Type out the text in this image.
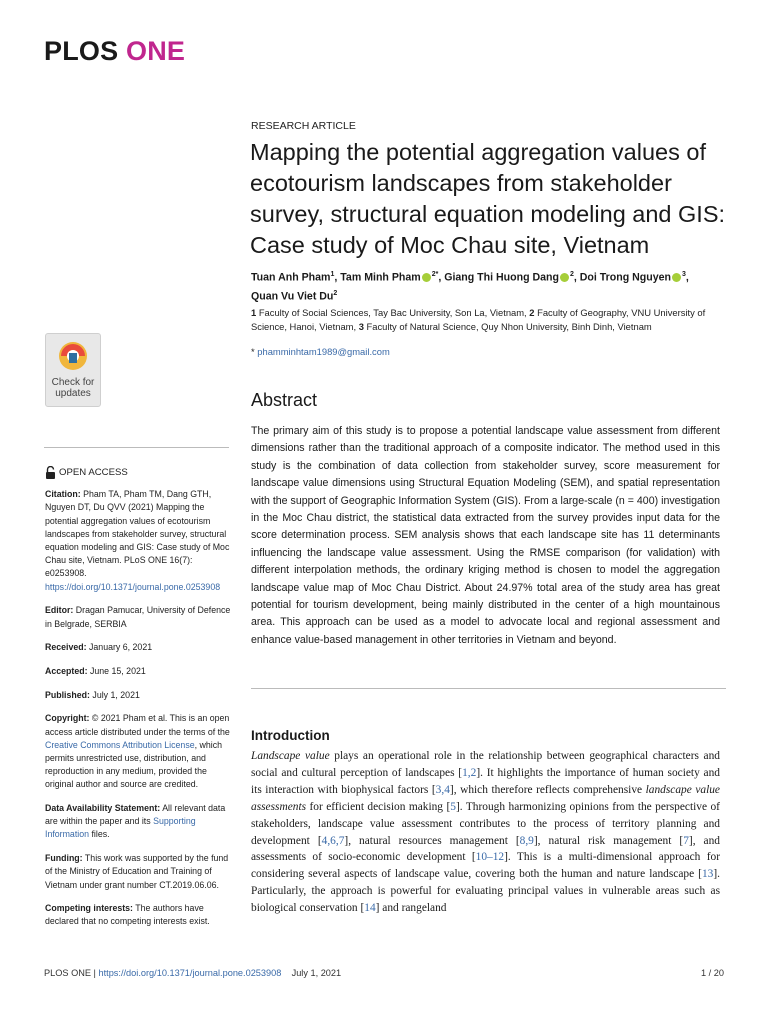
PLOS ONE
RESEARCH ARTICLE
Mapping the potential aggregation values of ecotourism landscapes from stakeholder survey, structural equation modeling and GIS: Case study of Moc Chau site, Vietnam
Tuan Anh Pham$^1$, Tam Minh Pham $^{2*}$, Giang Thi Huong Dang $^2$, Doi Trong Nguyen $^3$,
Quan Vu Viet Du$^2$
1 Faculty of Social Sciences, Tay Bac University, Son La, Vietnam, 2 Faculty of Geography, VNU University of Science, Hanoi, Vietnam, 3 Faculty of Natural Science, Quy Nhon University, Binh Dinh, Vietnam
* phamminhtam1989@gmail.com
Check for
updates
OPEN ACCESS

Citation: Pham TA, Pham TM, Dang GTH, Nguyen DT, Du QVV (2021) Mapping the potential aggregation values of ecotourism landscapes from stakeholder survey, structural equation modeling and GIS: Case study of Moc Chau site, Vietnam. PLoS ONE 16(7): e0253908. https://doi.org/10.1371/journal.pone.0253908

Editor: Dragan Pamucar, University of Defence in Belgrade, SERBIA

Received: January 6, 2021

Accepted: June 15, 2021

Published: July 1, 2021

Copyright: © 2021 Pham et al. This is an open access article distributed under the terms of the Creative Commons Attribution License, which permits unrestricted use, distribution, and reproduction in any medium, provided the original author and source are credited.

Data Availability Statement: All relevant data are within the paper and its Supporting Information files.

Funding: This work was supported by the fund of the Ministry of Education and Training of Vietnam under grant number CT.2019.06.06.

Competing interests: The authors have declared that no competing interests exist.

Abstract

The primary aim of this study is to propose a potential landscape value assessment from different dimensions rather than the traditional approach of a composite indicator. The method used in this study is the combination of data collection from stakeholder survey, score measurement for landscape value dimensions using Structural Equation Modeling (SEM), and spatial representation with the support of Geographic Information System (GIS). From a large-scale (n = 400) investigation in the Moc Chau district, the statistical data extracted from the survey provides input data for the score determination process. SEM analysis shows that each landscape site has 11 determinants influencing the landscape value assessment. Using the RMSE comparison (for validation) with different interpolation methods, the ordinary kriging method is chosen to model the aggregation landscape value map of Moc Chau District. About 24.97% total area of the study area has great potential for tourism development, being mainly distributed in the center of a high mountainous area. This approach can be used as a model to advocate local and regional assessment and enhance value-based management in other territories in Vietnam and beyond.

Introduction

Landscape value plays an operational role in the relationship between geographical characters and social and cultural perception of landscapes [1,2]. It highlights the importance of human society and its interaction with biophysical factors [3,4], which therefore reflects comprehensive landscape value assessments for efficient decision making [5]. Through harmonizing opinions from the perspective of stakeholders, landscape value assessment contributes to the process of territory planning and development [4,6,7], natural resources management [8,9], natural risk management [7], and assessments of socio-economic development [10–12]. This is a multi-dimensional approach for considering several aspects of landscape value, covering both the human and nature landscape [13]. Particularly, the approach is powerful for evaluating principal values in vulnerable areas such as biological conservation [14] and rangeland

PLOS ONE | https://doi.org/10.1371/journal.pone.0253908 July 1, 2021	1 / 20
